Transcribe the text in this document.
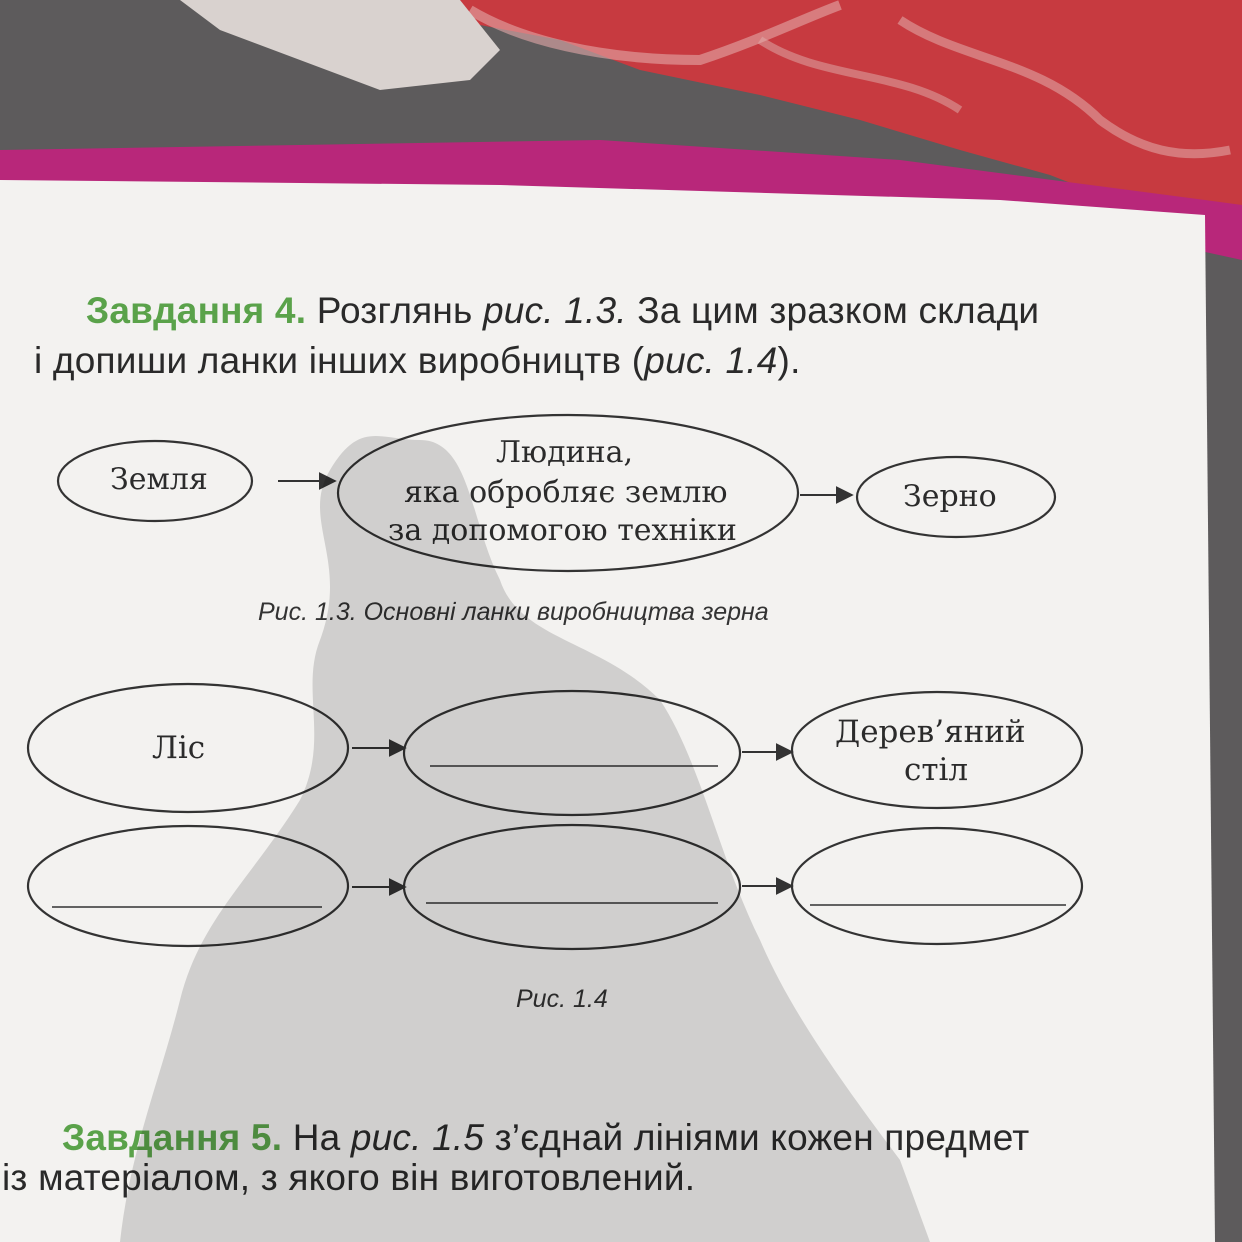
Завдання 4. Розглянь рис. 1.3. За цим зразком склади
і допиши ланки інших виробництв (рис. 1.4).
Земля
Людина,
яка обробляє землю
за допомогою техніки
Зерно
Рис. 1.3. Основні ланки виробництва зерна
Ліс	Дерев’яний
стіл
Рис. 1.4
Завдання 5. На рис. 1.5 з’єднай лініями кожен предмет
із матеріалом, з якого він виготовлений.
